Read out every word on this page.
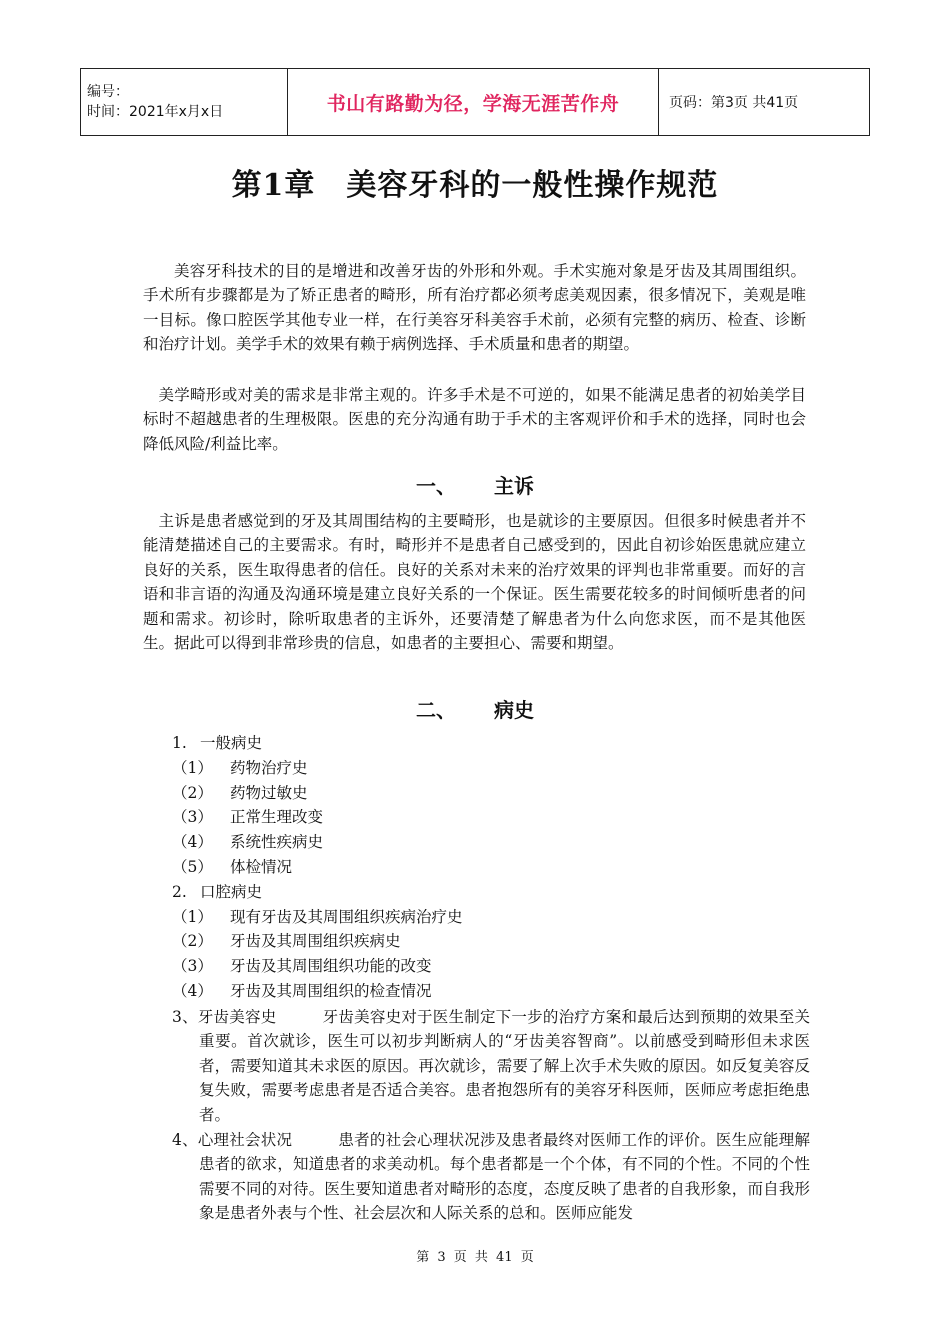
编号：
时间：2021年x月x日	书山有路勤为径，学海无涯苦作舟	页码：第3页 共41页
第1章　美容牙科的一般性操作规范

美容牙科技术的目的是增进和改善牙齿的外形和外观。手术实施对象是牙齿及其周围组织。手术所有步骤都是为了矫正患者的畸形，所有治疗都必须考虑美观因素，很多情况下，美观是唯一目标。像口腔医学其他专业一样，在行美容牙科美容手术前，必须有完整的病历、检查、诊断和治疗计划。美学手术的效果有赖于病例选择、手术质量和患者的期望。

美学畸形或对美的需求是非常主观的。许多手术是不可逆的，如果不能满足患者的初始美学目标时不超越患者的生理极限。医患的充分沟通有助于手术的主客观评价和手术的选择，同时也会降低风险/利益比率。

一、 主诉

主诉是患者感觉到的牙及其周围结构的主要畸形，也是就诊的主要原因。但很多时候患者并不能清楚描述自己的主要需求。有时，畸形并不是患者自己感受到的，因此自初诊始医患就应建立良好的关系，医生取得患者的信任。良好的关系对未来的治疗效果的评判也非常重要。而好的言语和非言语的沟通及沟通环境是建立良好关系的一个保证。医生需要花较多的时间倾听患者的问题和需求。初诊时，除听取患者的主诉外，还要清楚了解患者为什么向您求医，而不是其他医生。据此可以得到非常珍贵的信息，如患者的主要担心、需要和期望。

二、 病史
1. 一般病史
（1） 药物治疗史
（2） 药物过敏史
（3） 正常生理改变
（4） 系统性疾病史
（5） 体检情况
2. 口腔病史
（1） 现有牙齿及其周围组织疾病治疗史
（2） 牙齿及其周围组织疾病史
（3） 牙齿及其周围组织功能的改变
（4） 牙齿及其周围组织的检查情况
3、牙齿美容史	牙齿美容史对于医生制定下一步的治疗方案和最后达到预期的效果至关重要。首次就诊，医生可以初步判断病人的“牙齿美容智商”。以前感受到畸形但未求医者，需要知道其未求医的原因。再次就诊，需要了解上次手术失败的原因。如反复美容反复失败，需要考虑患者是否适合美容。患者抱怨所有的美容牙科医师，医师应考虑拒绝患者。
4、心理社会状况	患者的社会心理状况涉及患者最终对医师工作的评价。医生应能理解患者的欲求，知道患者的求美动机。每个患者都是一个个体，有不同的个性。不同的个性需要不同的对待。医生要知道患者对畸形的态度，态度反映了患者的自我形象，而自我形象是患者外表与个性、社会层次和人际关系的总和。医师应能发
第 3 页 共 41 页
